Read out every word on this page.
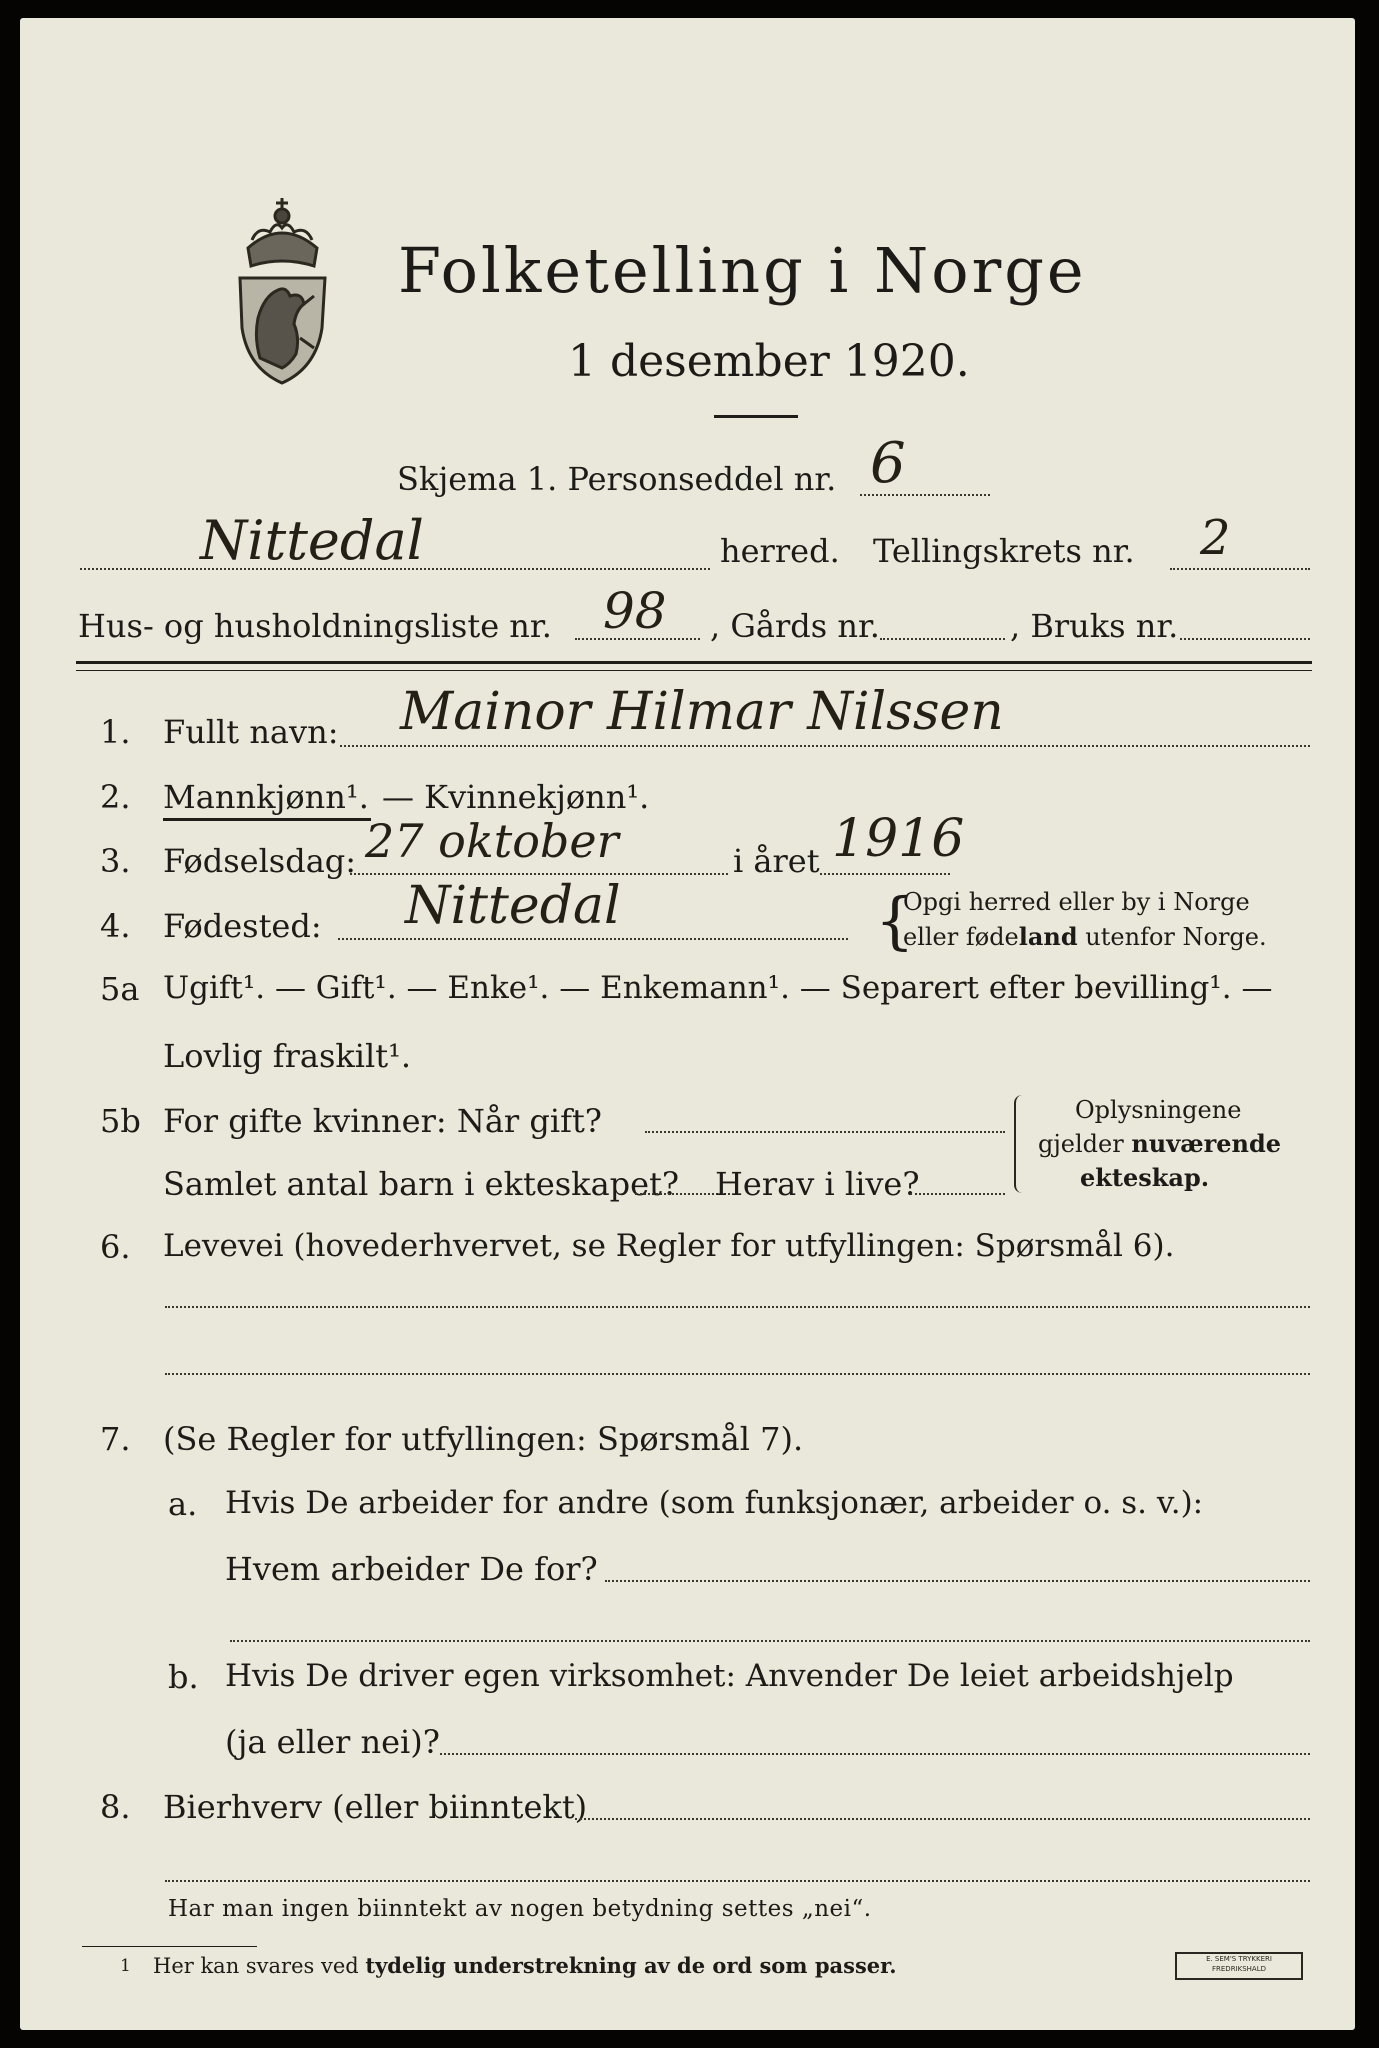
Folketelling i Norge
1 desember 1920.
Skjema 1. Personseddel nr. 6
Nittedal	herred. Tellingskrets nr. 2
Hus- og husholdningsliste nr. 98 , Gårds nr.	, Bruks nr.
1. Fullt navn: Mainor Hilmar Nilssen
2. Mannkjønn¹. — Kvinnekjønn¹.
3. Fødselsdag: 27 oktober	i året 1916
4. Fødested: Nittedal	{
Opgi herred eller by i Norge
eller fødeland utenfor Norge.
5a Ugift¹. — Gift¹. — Enke¹. — Enkemann¹. — Separert efter bevilling¹. —
Lovlig fraskilt¹.
5b For gifte kvinner: Når gift?
Samlet antal barn i ekteskapet? Herav i live?
Oplysningene
gjelder nuværende
ekteskap.
6. Levevei (hovederhvervet, se Regler for utfyllingen: Spørsmål 6).
7. (Se Regler for utfyllingen: Spørsmål 7).
a. Hvis De arbeider for andre (som funksjonær, arbeider o. s. v.):
Hvem arbeider De for?
b. Hvis De driver egen virksomhet: Anvender De leiet arbeidshjelp
(ja eller nei)?
8. Bierhverv (eller biinntekt)
Har man ingen biinntekt av nogen betydning settes „nei“.
1 Her kan svares ved tydelig understrekning av de ord som passer.	E. SEM'S TRYKKERI
FREDRIKSHALD
